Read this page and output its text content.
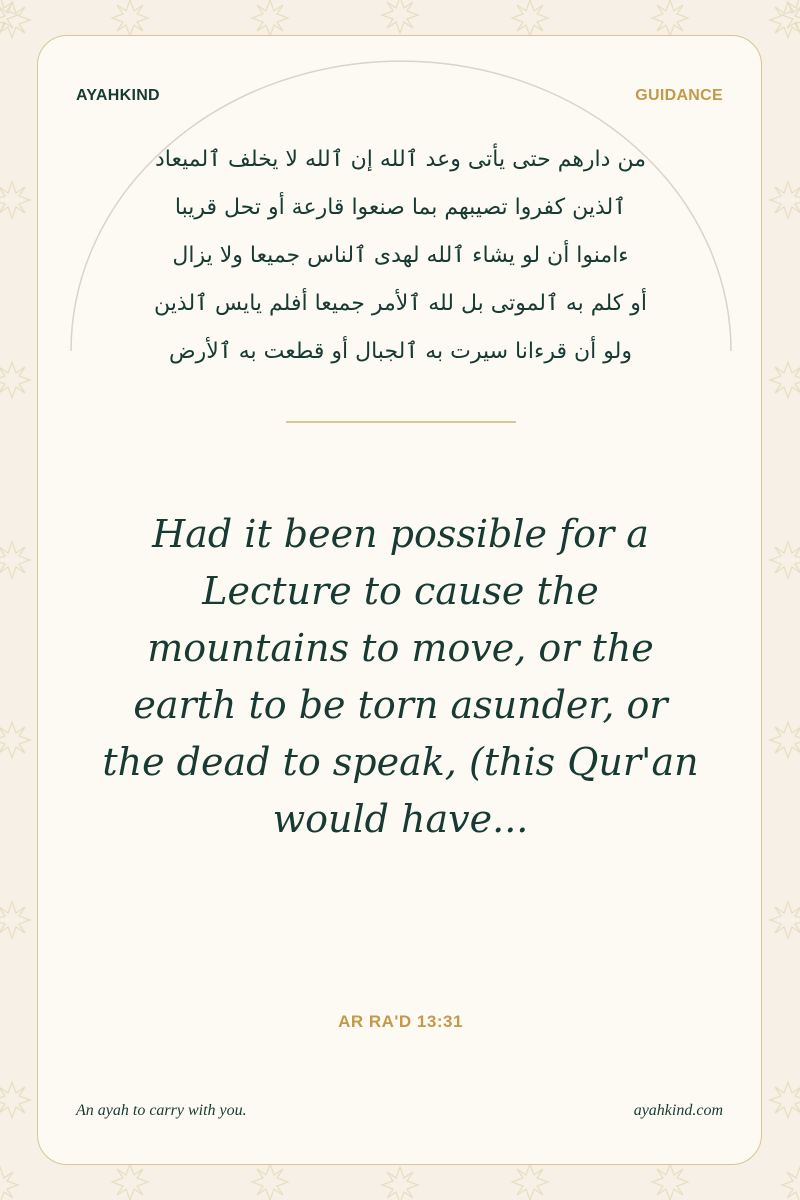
AYAHKIND	GUIDANCE
من دارهم حتى يأتى وعد ٱلله إن ٱلله لا يخلف ٱلميعاد
ٱلذين كفروا تصيبهم بما صنعوا قارعة أو تحل قريبا
ءامنوا أن لو يشاء ٱلله لهدى ٱلناس جميعا ولا يزال
أو كلم به ٱلموتى بل لله ٱلأمر جميعا أفلم يايس ٱلذين
ولو أن قرءانا سيرت به ٱلجبال أو قطعت به ٱلأرض
Had it been possible for a
Lecture to cause the
mountains to move, or the
earth to be torn asunder, or
the dead to speak, (this Qur'an
would have...
AR RA'D 13:31
An ayah to carry with you.	ayahkind.com
